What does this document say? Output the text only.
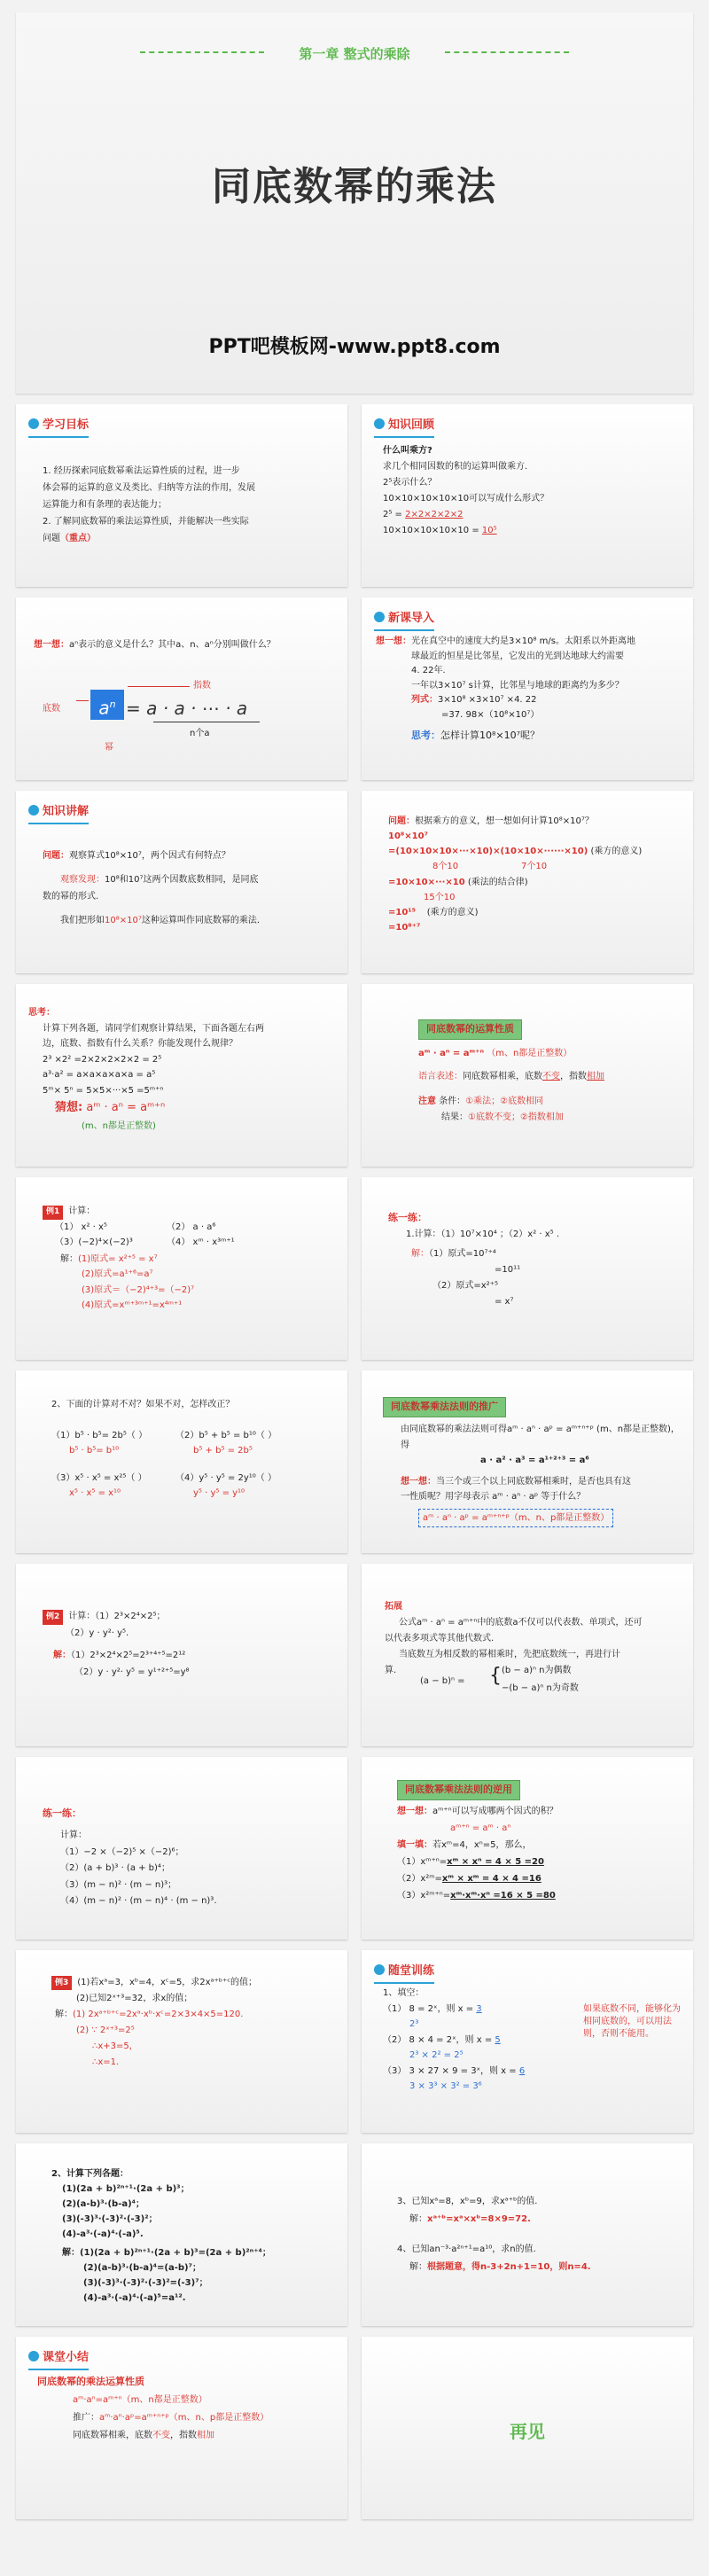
第一章 整式的乘除
同底数幂的乘法
PPT吧模板网-www.ppt8.com
学习目标
1. 经历探索同底数幂乘法运算性质的过程，进一步
体会幂的运算的意义及类比、归纳等方法的作用，发展
运算能力和有条理的表达能力；
2. 了解同底数幂的乘法运算性质，并能解决一些实际
问题（重点）
知识回顾
什么叫乘方?
求几个相同因数的积的运算叫做乘方.
2⁵表示什么？
10×10×10×10×10可以写成什么形式？
2⁵ = 2×2×2×2×2
10×10×10×10×10 = 10⁵
想一想：aⁿ表示的意义是什么？其中a、n、aⁿ分别叫做什么？
底数	$a^n$
指数
幂
= a · a · ⋯ · a
n个a
新课导入
想一想：光在真空中的速度大约是3×10⁸ m/s。太阳系以外距离地
球最近的恒星是比邻星，它发出的光到达地球大约需要
4. 22年.
一年以3×10⁷ s计算，比邻星与地球的距离约为多少？
列式：3×10⁸ ×3×10⁷ ×4. 22
=37. 98×（10⁸×10⁷）
思考：怎样计算10⁸×10⁷呢？
知识讲解
问题：观察算式10⁸×10⁷，两个因式有何特点？
观察发现：10⁸和10⁷这两个因数底数相同，是同底
数的幂的形式.
我们把形如10⁸×10⁷这种运算叫作同底数幂的乘法.
问题：根据乘方的意义，想一想如何计算10⁸×10⁷？
10⁸×10⁷
=(10×10×10×···×10)×(10×10×······×10) (乘方的意义)
8个10	7个10
=10×10×···×10 (乘法的结合律)
15个10
=10¹⁵ (乘方的意义)
=10⁸⁺⁷
思考：
计算下列各题，请同学们观察计算结果，下面各题左右两
边，底数、指数有什么关系？你能发现什么规律？
2³ ×2² =2×2×2×2×2 = 2⁵
a³·a² = a×a×a×a×a = a⁵
5ᵐ× 5ⁿ = 5×5×···×5 =5ᵐ⁺ⁿ
猜想: aᵐ · aⁿ = aᵐ⁺ⁿ
(m、n都是正整数)
同底数幂的运算性质
aᵐ · aⁿ = aᵐ⁺ⁿ （m、n都是正整数）
语言表述：同底数幂相乘，底数不变，指数相加
注意 条件：①乘法；②底数相同
结果：①底数不变；②指数相加
例1 计算：
（1） x² · x⁵	（2） a · a⁶
（3）(−2)⁴×(−2)³	（4） xᵐ · x³ᵐ⁺¹
解：(1)原式= x²⁺⁵ = x⁷
(2)原式=a¹⁺⁶=a⁷
(3)原式＝（−2)⁴⁺³=（−2)⁷
(4)原式=xᵐ⁺³ᵐ⁺¹=x⁴ᵐ⁺¹
练一练：
1.计算：（1）10⁷×10⁴ ；（2）x² · x⁵ .
解：（1）原式=10⁷⁺⁴
=10¹¹
（2）原式=x²⁺⁵
= x⁷
2、下面的计算对不对？如果不对，怎样改正？
（1）b⁵ · b⁵= 2b⁵（ ）	（2）b⁵ + b⁵ = b¹⁰（ ）
b⁵ · b⁵= b¹⁰	b⁵ + b⁵ = 2b⁵
（3）x⁵ · x⁵ = x²⁵（ ）	（4）y⁵ · y⁵ = 2y¹⁰（ ）
x⁵ · x⁵ = x¹⁰	y⁵ · y⁵ = y¹⁰
同底数幂乘法法则的推广
由同底数幂的乘法法则可得aᵐ · aⁿ · aᵖ = aᵐ⁺ⁿ⁺ᵖ (m、n都是正整数)，得
a · a² · a³ = a¹⁺²⁺³ = a⁶
想一想：当三个或三个以上同底数幂相乘时，是否也具有这
一性质呢？用字母表示 aᵐ · aⁿ · aᵖ 等于什么？
aᵐ · aⁿ · aᵖ = aᵐ⁺ⁿ⁺ᵖ（m、n、p都是正整数）
例2 计算：（1）2³×2⁴×2⁵；
（2）y · y²· y⁵.
解：（1）2³×2⁴×2⁵=2³⁺⁴⁺⁵=2¹²
（2）y · y²· y⁵ = y¹⁺²⁺⁵=y⁸
拓展
公式aᵐ · aⁿ = aᵐ⁺ⁿ中的底数a不仅可以代表数、单项式，还可
以代表多项式等其他代数式.
当底数互为相反数的幂相乘时，先把底数统一，再进行计
算.
(a − b)ⁿ = { (b − a)ⁿ n为偶数
−(b − a)ⁿ n为奇数
练一练：
计算：
（1）−2 ×（−2)⁵ ×（−2)⁶；
（2）(a + b)³ · (a + b)⁴；
（3）(m − n)² · (m − n)³；
（4）(m − n)² · (m − n)⁴ · (m − n)³.
同底数幂乘法法则的逆用
想一想：aᵐ⁺ⁿ可以写成哪两个因式的积？
aᵐ⁺ⁿ = aᵐ · aⁿ
填一填：若xᵐ=4，xⁿ=5，那么，
（1）xᵐ⁺ⁿ=xᵐ × xⁿ = 4 × 5 =20
（2）x²ᵐ=xᵐ × xᵐ = 4 × 4 =16
（3）x²ᵐ⁺ⁿ=xᵐ·xᵐ·xⁿ =16 × 5 =80
例3 (1)若xᵃ=3，xᵇ=4，xᶜ=5，求2xᵃ⁺ᵇ⁺ᶜ的值；
(2)已知2ˣ⁺³=32，求x的值；
解：(1) 2xᵃ⁺ᵇ⁺ᶜ=2xᵃ·xᵇ·xᶜ=2×3×4×5=120.
(2) ∵ 2ˣ⁺³=2⁵
∴x+3=5，
∴x=1.
随堂训练
1、填空：
（1） 8 = 2ˣ，则 x = 3
2³
（2） 8 × 4 = 2ˣ，则 x = 5
2³ × 2² = 2⁵
（3） 3 × 27 × 9 = 3ˣ，则 x = 6
3 × 3³ × 3² = 3⁶
如果底数不同，能够化为相同底数的，可以用法则，否则不能用。
2、计算下列各题：
(1)(2a + b)²ⁿ⁺¹·(2a + b)³；
(2)(a-b)³·(b-a)⁴；
(3)(-3)³·(-3)²·(-3)²；
(4)-a³·(-a)⁴·(-a)⁵.
解：(1)(2a + b)²ⁿ⁺¹·(2a + b)³=(2a + b)²ⁿ⁺⁴；
(2)(a-b)³·(b-a)⁴=(a-b)⁷；
(3)(-3)³·(-3)²·(-3)²=(-3)⁷；
(4)-a³·(-a)⁴·(-a)⁵=a¹².
3、已知xᵃ=8，xᵇ=9，求xᵃ⁺ᵇ的值.
解：xᵃ⁺ᵇ=xᵃ×xᵇ=8×9=72.
4、已知an⁻³·a²ⁿ⁺¹=a¹⁰，求n的值.
解：根据题意，得n-3+2n+1=10，则n=4.
课堂小结
同底数幂的乘法运算性质
aᵐ·aⁿ=aᵐ⁺ⁿ（m、n都是正整数）
推广：aᵐ·aⁿ·aᵖ=aᵐ⁺ⁿ⁺ᵖ（m、n、p都是正整数）
同底数幂相乘，底数不变，指数相加	再见
